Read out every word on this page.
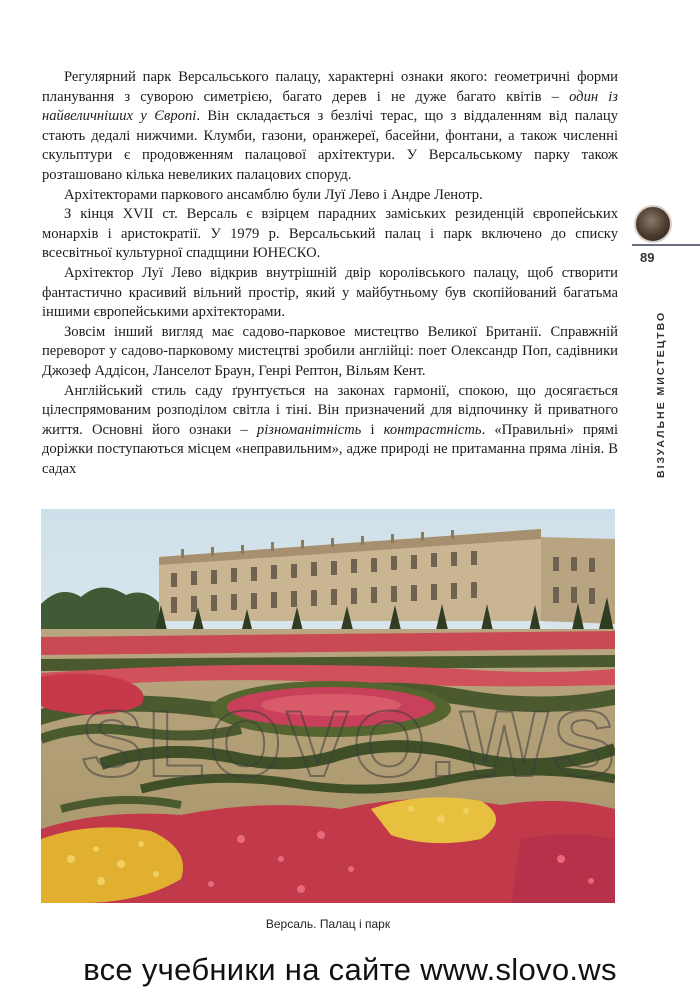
Регулярний парк Версальського палацу, характерні ознаки якого: геометричні форми планування з суворою симетрією, багато дерев і не дуже багато квітів – один із найвеличніших у Європі. Він складається з безлічі терас, що з віддаленням від палацу стають дедалі нижчими. Клумби, газони, оранжереї, басейни, фонтани, а також численні скульптури є продовженням палацової архітектури. У Версальському парку також розташовано кілька невеликих палацових споруд.

Архітекторами паркового ансамблю були Луї Лево і Андре Ленотр.

З кінця XVII ст. Версаль є взірцем парадних заміських резиденцій європейських монархів і аристократії. У 1979 р. Версальський палац і парк включено до списку всесвітньої культурної спадщини ЮНЕСКО.

Архітектор Луї Лево відкрив внутрішній двір королівського палацу, щоб створити фантастично красивий вільний простір, який у майбутньому був скопійований багатьма іншими європейськими архітекторами.

Зовсім інший вигляд має садово-парковое мистецтво Великої Британії. Справжній переворот у садово-парковому мистецтві зробили англійці: поет Олександр Поп, садівники Джозеф Аддісон, Ланселот Браун, Генрі Рептон, Вільям Кент.

Англійський стиль саду ґрунтується на законах гармонії, спокою, що досягається цілеспрямованим розподілом світла і тіні. Він призначений для відпочинку й приватного життя. Основні його ознаки – різноманітність і контрастність. «Правильні» прямі доріжки поступаються місцем «неправильним», адже природі не притаманна пряма лінія. В садах

89
ВІЗУАЛЬНЕ МИСТЕЦТВО
SLOVO.WS
Версаль. Палац і парк
все учебники на сайте www.slovo.ws
